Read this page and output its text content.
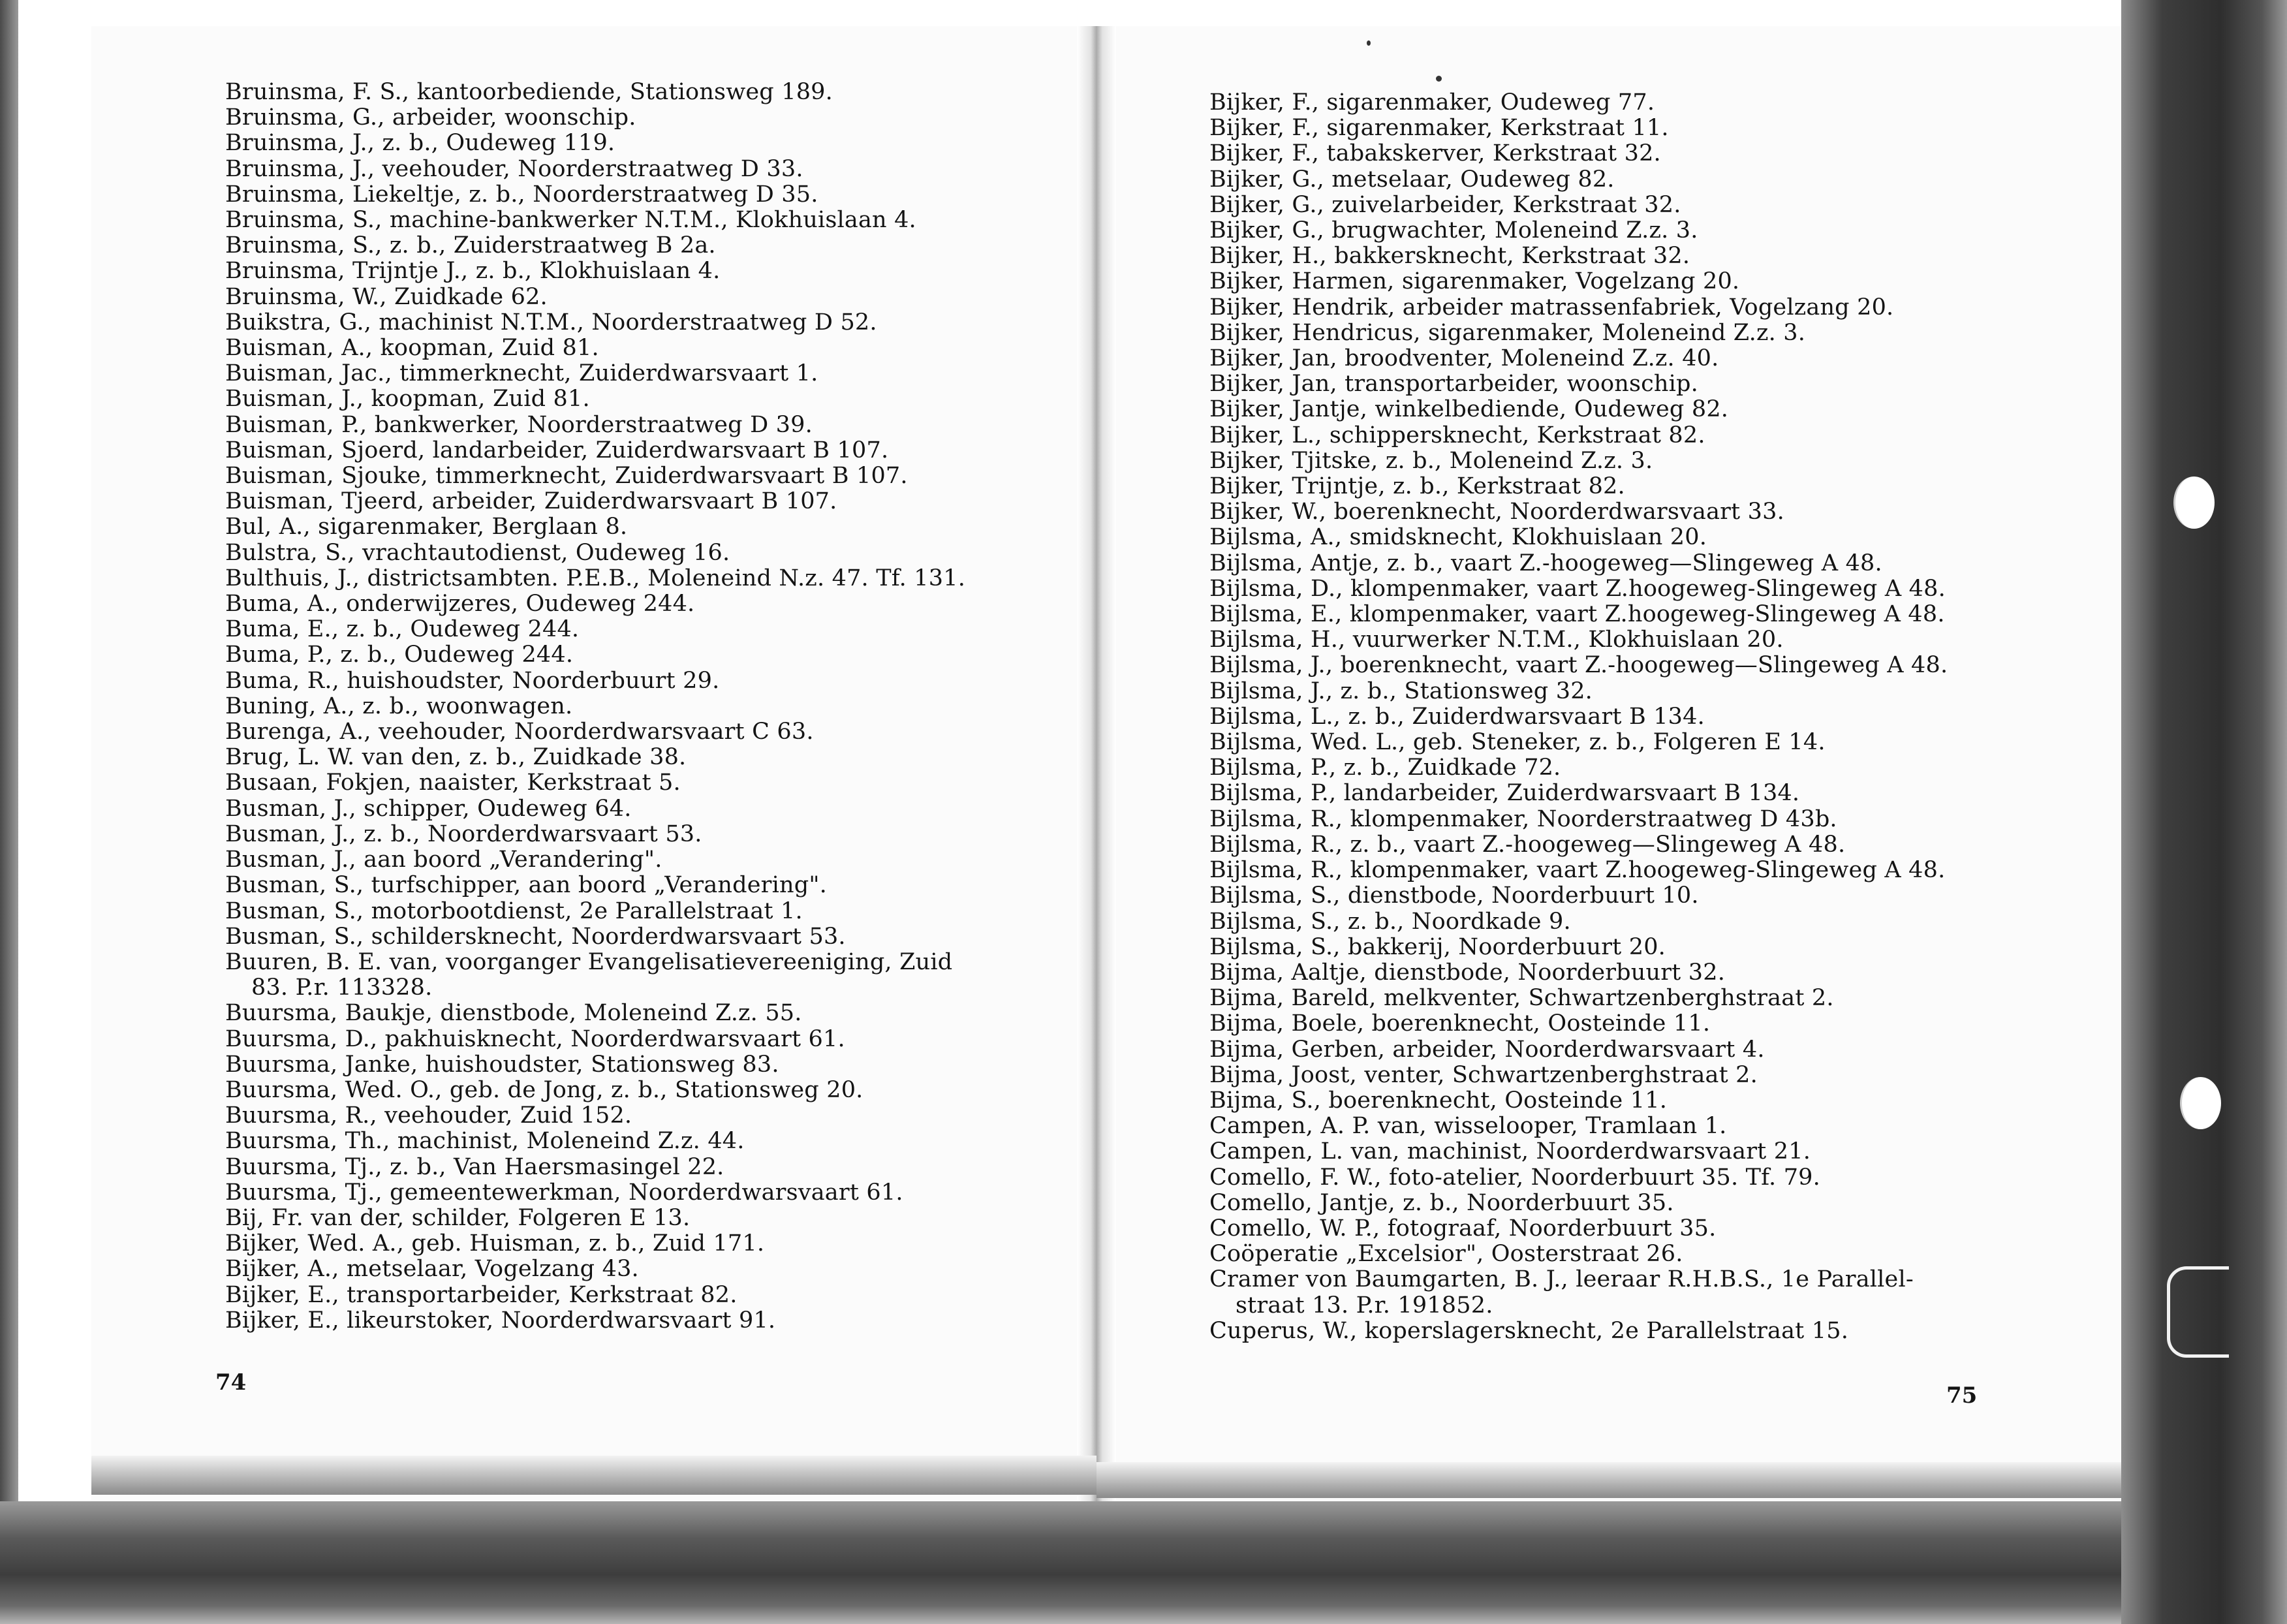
Bruinsma, F. S., kantoorbediende, Stationsweg 189.
Bruinsma, G., arbeider, woonschip.
Bruinsma, J., z. b., Oudeweg 119.
Bruinsma, J., veehouder, Noorderstraatweg D 33.
Bruinsma, Liekeltje, z. b., Noorderstraatweg D 35.
Bruinsma, S., machine-bankwerker N.T.M., Klokhuislaan 4.
Bruinsma, S., z. b., Zuiderstraatweg B 2a.
Bruinsma, Trijntje J., z. b., Klokhuislaan 4.
Bruinsma, W., Zuidkade 62.
Buikstra, G., machinist N.T.M., Noorderstraatweg D 52.
Buisman, A., koopman, Zuid 81.
Buisman, Jac., timmerknecht, Zuiderdwarsvaart 1.
Buisman, J., koopman, Zuid 81.
Buisman, P., bankwerker, Noorderstraatweg D 39.
Buisman, Sjoerd, landarbeider, Zuiderdwarsvaart B 107.
Buisman, Sjouke, timmerknecht, Zuiderdwarsvaart B 107.
Buisman, Tjeerd, arbeider, Zuiderdwarsvaart B 107.
Bul, A., sigarenmaker, Berglaan 8.
Bulstra, S., vrachtautodienst, Oudeweg 16.
Bulthuis, J., districtsambten. P.E.B., Moleneind N.z. 47. Tf. 131.
Buma, A., onderwijzeres, Oudeweg 244.
Buma, E., z. b., Oudeweg 244.
Buma, P., z. b., Oudeweg 244.
Buma, R., huishoudster, Noorderbuurt 29.
Buning, A., z. b., woonwagen.
Burenga, A., veehouder, Noorderdwarsvaart C 63.
Brug, L. W. van den, z. b., Zuidkade 38.
Busaan, Fokjen, naaister, Kerkstraat 5.
Busman, J., schipper, Oudeweg 64.
Busman, J., z. b., Noorderdwarsvaart 53.
Busman, J., aan boord „Verandering".
Busman, S., turfschipper, aan boord „Verandering".
Busman, S., motorbootdienst, 2e Parallelstraat 1.
Busman, S., schildersknecht, Noorderdwarsvaart 53.
Buuren, B. E. van, voorganger Evangelisatievereeniging, Zuid
83. P.r. 113328.
Buursma, Baukje, dienstbode, Moleneind Z.z. 55.
Buursma, D., pakhuisknecht, Noorderdwarsvaart 61.
Buursma, Janke, huishoudster, Stationsweg 83.
Buursma, Wed. O., geb. de Jong, z. b., Stationsweg 20.
Buursma, R., veehouder, Zuid 152.
Buursma, Th., machinist, Moleneind Z.z. 44.
Buursma, Tj., z. b., Van Haersmasingel 22.
Buursma, Tj., gemeentewerkman, Noorderdwarsvaart 61.
Bij, Fr. van der, schilder, Folgeren E 13.
Bijker, Wed. A., geb. Huisman, z. b., Zuid 171.
Bijker, A., metselaar, Vogelzang 43.
Bijker, E., transportarbeider, Kerkstraat 82.
Bijker, E., likeurstoker, Noorderdwarsvaart 91.
74
Bijker, F., sigarenmaker, Oudeweg 77.
Bijker, F., sigarenmaker, Kerkstraat 11.
Bijker, F., tabakskerver, Kerkstraat 32.
Bijker, G., metselaar, Oudeweg 82.
Bijker, G., zuivelarbeider, Kerkstraat 32.
Bijker, G., brugwachter, Moleneind Z.z. 3.
Bijker, H., bakkersknecht, Kerkstraat 32.
Bijker, Harmen, sigarenmaker, Vogelzang 20.
Bijker, Hendrik, arbeider matrassenfabriek, Vogelzang 20.
Bijker, Hendricus, sigarenmaker, Moleneind Z.z. 3.
Bijker, Jan, broodventer, Moleneind Z.z. 40.
Bijker, Jan, transportarbeider, woonschip.
Bijker, Jantje, winkelbediende, Oudeweg 82.
Bijker, L., schippersknecht, Kerkstraat 82.
Bijker, Tjitske, z. b., Moleneind Z.z. 3.
Bijker, Trijntje, z. b., Kerkstraat 82.
Bijker, W., boerenknecht, Noorderdwarsvaart 33.
Bijlsma, A., smidsknecht, Klokhuislaan 20.
Bijlsma, Antje, z. b., vaart Z.-hoogeweg—Slingeweg A 48.
Bijlsma, D., klompenmaker, vaart Z.hoogeweg-Slingeweg A 48.
Bijlsma, E., klompenmaker, vaart Z.hoogeweg-Slingeweg A 48.
Bijlsma, H., vuurwerker N.T.M., Klokhuislaan 20.
Bijlsma, J., boerenknecht, vaart Z.-hoogeweg—Slingeweg A 48.
Bijlsma, J., z. b., Stationsweg 32.
Bijlsma, L., z. b., Zuiderdwarsvaart B 134.
Bijlsma, Wed. L., geb. Steneker, z. b., Folgeren E 14.
Bijlsma, P., z. b., Zuidkade 72.
Bijlsma, P., landarbeider, Zuiderdwarsvaart B 134.
Bijlsma, R., klompenmaker, Noorderstraatweg D 43b.
Bijlsma, R., z. b., vaart Z.-hoogeweg—Slingeweg A 48.
Bijlsma, R., klompenmaker, vaart Z.hoogeweg-Slingeweg A 48.
Bijlsma, S., dienstbode, Noorderbuurt 10.
Bijlsma, S., z. b., Noordkade 9.
Bijlsma, S., bakkerij, Noorderbuurt 20.
Bijma, Aaltje, dienstbode, Noorderbuurt 32.
Bijma, Bareld, melkventer, Schwartzenberghstraat 2.
Bijma, Boele, boerenknecht, Oosteinde 11.
Bijma, Gerben, arbeider, Noorderdwarsvaart 4.
Bijma, Joost, venter, Schwartzenberghstraat 2.
Bijma, S., boerenknecht, Oosteinde 11.
Campen, A. P. van, wisselooper, Tramlaan 1.
Campen, L. van, machinist, Noorderdwarsvaart 21.
Comello, F. W., foto-atelier, Noorderbuurt 35. Tf. 79.
Comello, Jantje, z. b., Noorderbuurt 35.
Comello, W. P., fotograaf, Noorderbuurt 35.
Coöperatie „Excelsior", Oosterstraat 26.
Cramer von Baumgarten, B. J., leeraar R.H.B.S., 1e Parallel-
straat 13. P.r. 191852.
Cuperus, W., koperslagersknecht, 2e Parallelstraat 15.
75
